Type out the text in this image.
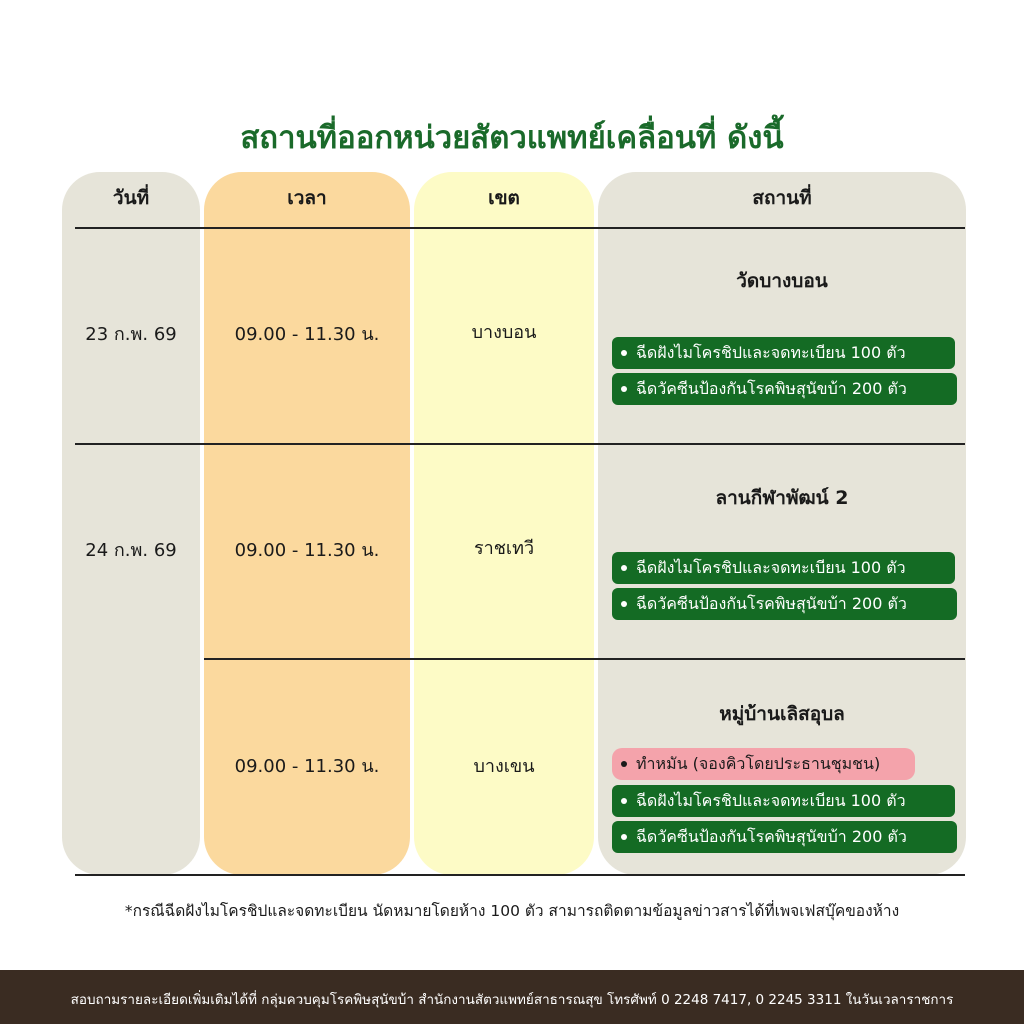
สถานที่ออกหน่วยสัตวแพทย์เคลื่อนที่ ดังนี้
วันที่	เวลา	เขต	สถานที่
23 ก.พ. 69	09.00 - 11.30 น.	บางบอน
วัดบางบอน
ฉีดฝังไมโครชิปและจดทะเบียน 100 ตัว
ฉีดวัคซีนป้องกันโรคพิษสุนัขบ้า 200 ตัว
24 ก.พ. 69	09.00 - 11.30 น.	ราชเทวี
ลานกีฬาพัฒน์ 2
ฉีดฝังไมโครชิปและจดทะเบียน 100 ตัว
ฉีดวัคซีนป้องกันโรคพิษสุนัขบ้า 200 ตัว
09.00 - 11.30 น.	บางเขน
หมู่บ้านเลิสอุบล
ทำหมัน (จองคิวโดยประธานชุมชน)
ฉีดฝังไมโครชิปและจดทะเบียน 100 ตัว
ฉีดวัคซีนป้องกันโรคพิษสุนัขบ้า 200 ตัว
*กรณีฉีดฝังไมโครชิปและจดทะเบียน นัดหมายโดยห้าง 100 ตัว สามารถติดตามข้อมูลข่าวสารได้ที่เพจเฟสบุ๊คของห้าง
สอบถามรายละเอียดเพิ่มเติมได้ที่ กลุ่มควบคุมโรคพิษสุนัขบ้า สำนักงานสัตวแพทย์สาธารณสุข โทรศัพท์ 0 2248 7417, 0 2245 3311 ในวันเวลาราชการ
